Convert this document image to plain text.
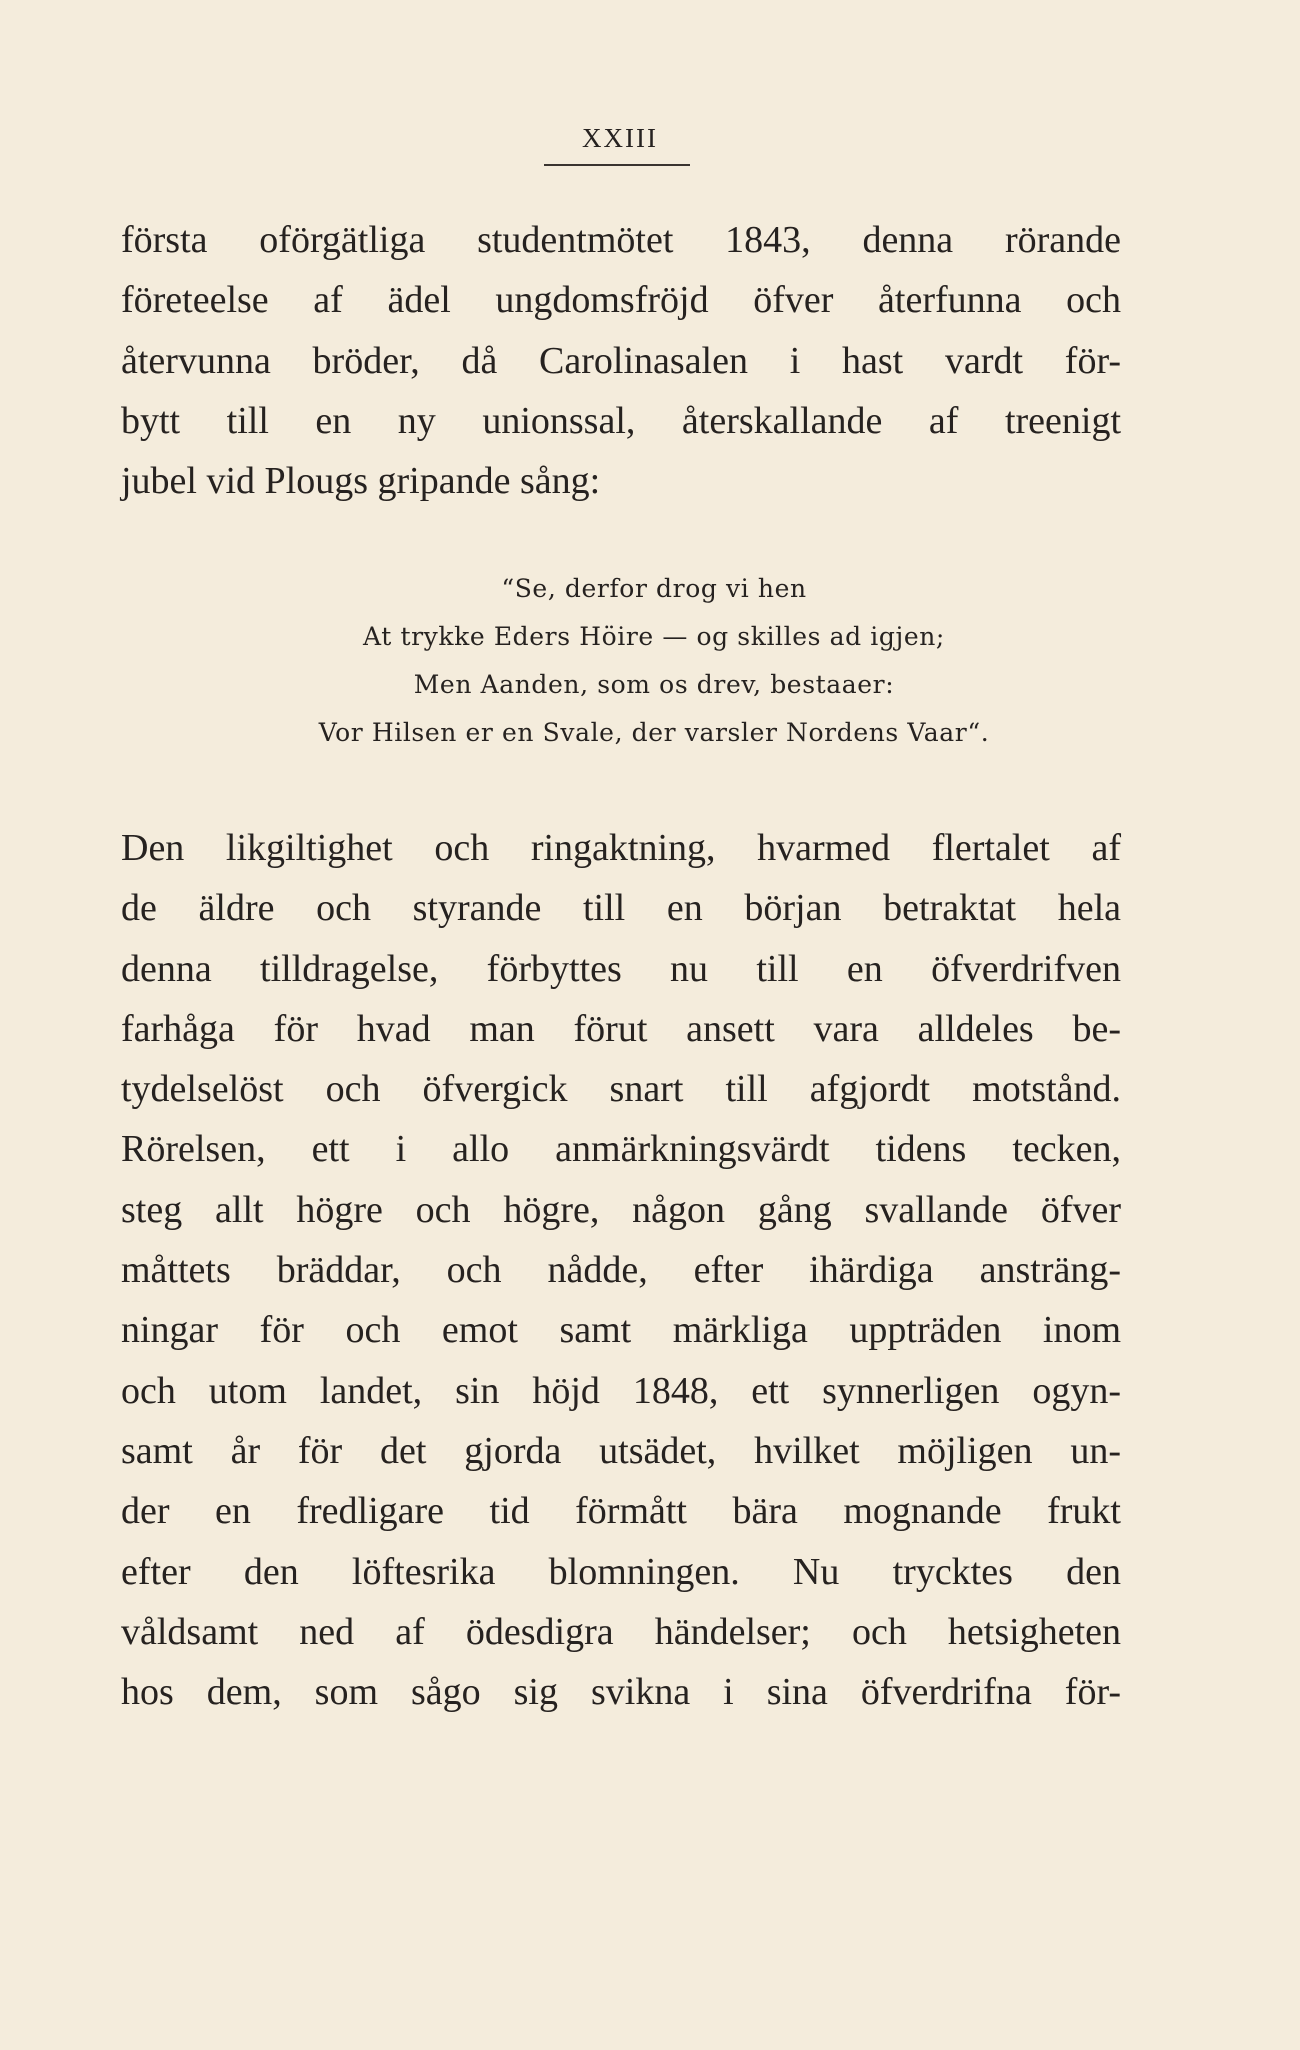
XXIII
första oförgätliga studentmötet 1843, denna rörande
företeelse af ädel ungdomsfröjd öfver återfunna och
återvunna bröder, då Carolinasalen i hast vardt för-
bytt till en ny unionssal, återskallande af treenigt
jubel vid Plougs gripande sång:
“Se, derfor drog vi hen
At trykke Eders Höire — og skilles ad igjen;
Men Aanden, som os drev, bestaaer:
Vor Hilsen er en Svale, der varsler Nordens Vaar“.
Den likgiltighet och ringaktning, hvarmed flertalet af
de äldre och styrande till en början betraktat hela
denna tilldragelse, förbyttes nu till en öfverdrifven
farhåga för hvad man förut ansett vara alldeles be-
tydelselöst och öfvergick snart till afgjordt motstånd.
Rörelsen, ett i allo anmärkningsvärdt tidens tecken,
steg allt högre och högre, någon gång svallande öfver
måttets bräddar, och nådde, efter ihärdiga ansträng-
ningar för och emot samt märkliga uppträden inom
och utom landet, sin höjd 1848, ett synnerligen ogyn-
samt år för det gjorda utsädet, hvilket möjligen un-
der en fredligare tid förmått bära mognande frukt
efter den löftesrika blomningen. Nu trycktes den
våldsamt ned af ödesdigra händelser; och hetsigheten
hos dem, som sågo sig svikna i sina öfverdrifna för-
